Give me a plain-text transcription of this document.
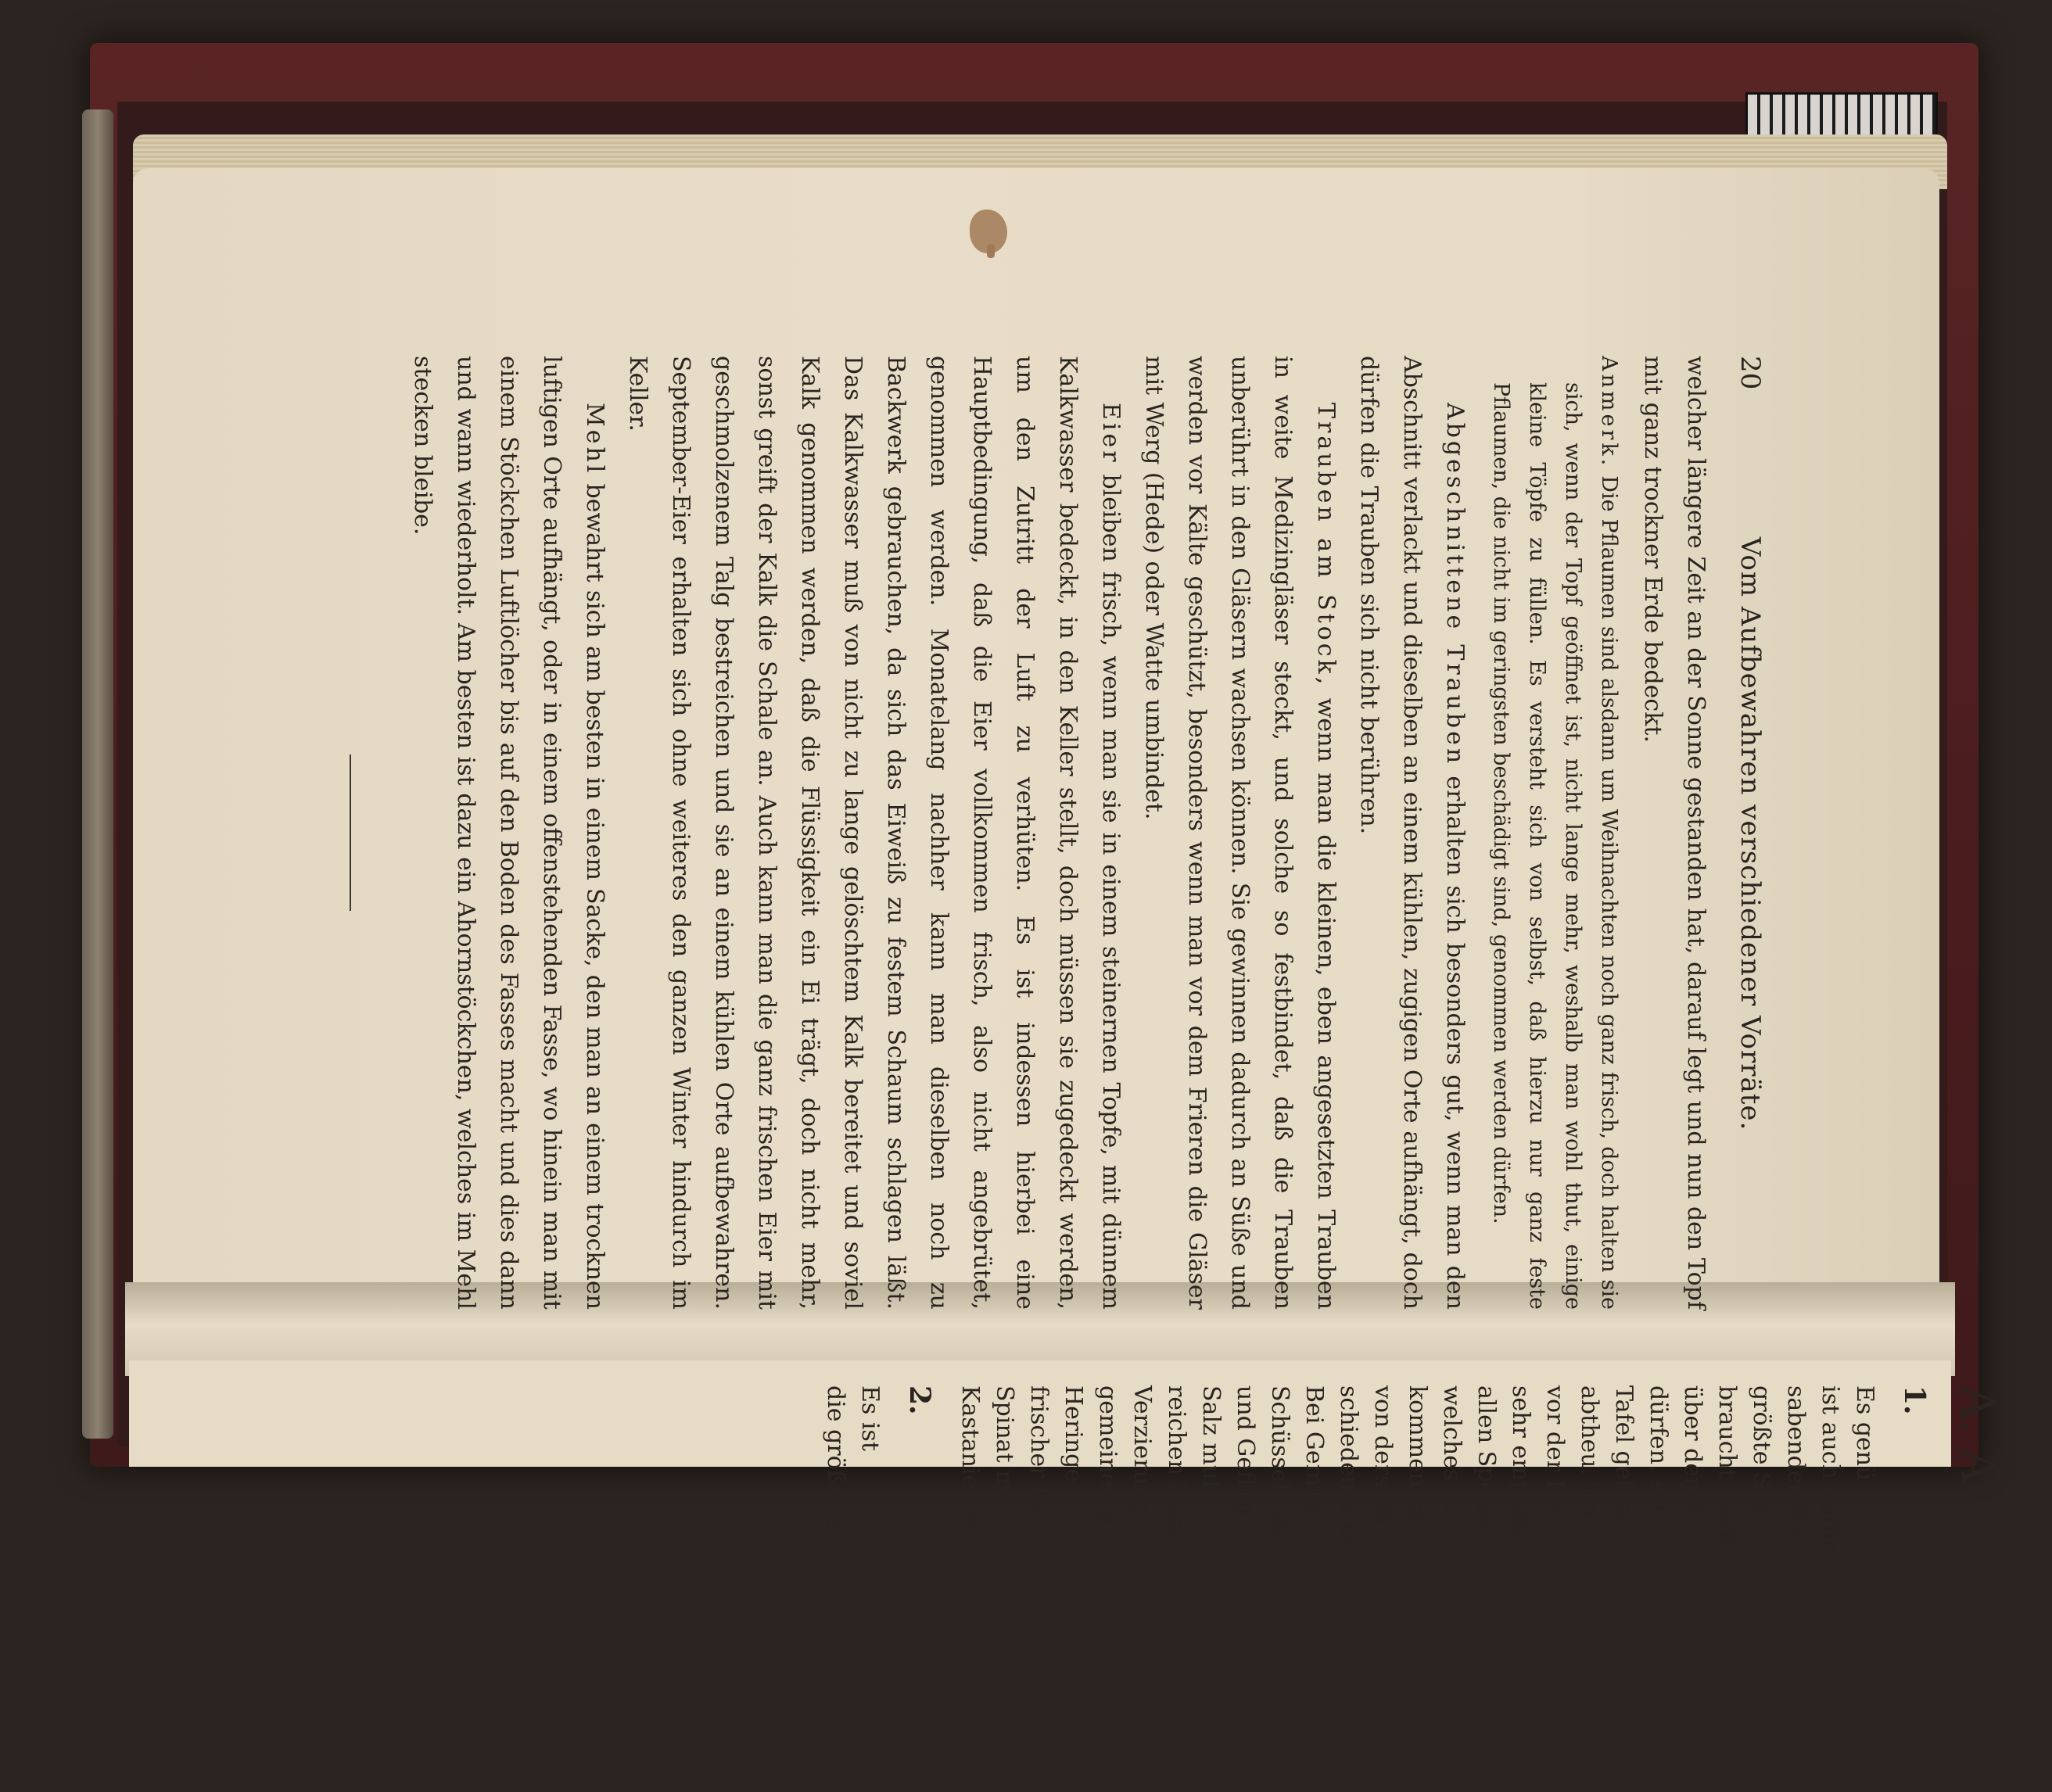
20
Vom Aufbewahren verschiedener Vorräte.

welcher längere Zeit an der Sonne gestanden hat, darauf legt und nun den Topf mit ganz trockner Erde bedeckt.

Anmerk. Die Pflaumen sind alsdann um Weihnachten noch ganz frisch, doch halten sie sich, wenn der Topf geöffnet ist, nicht lange mehr, weshalb man wohl thut, einige kleine Töpfe zu füllen. Es versteht sich von selbst, daß hierzu nur ganz feste Pflaumen, die nicht im geringsten beschädigt sind, genommen werden dürfen.

Abgeschnittene Trauben erhalten sich besonders gut, wenn man den Abschnitt verlackt und dieselben an einem kühlen, zugigen Orte aufhängt, doch dürfen die Trauben sich nicht berühren.

Trauben am Stock, wenn man die kleinen, eben angesetzten Trauben in weite Medizingläser steckt, und solche so festbindet, daß die Trauben unberührt in den Gläsern wachsen können. Sie gewinnen dadurch an Süße und werden vor Kälte geschützt, besonders wenn man vor dem Frieren die Gläser mit Werg (Hede) oder Watte umbindet.

Eier bleiben frisch, wenn man sie in einem steinernen Topfe, mit dünnem Kalkwasser bedeckt, in den Keller stellt, doch müssen sie zugedeckt werden, um den Zutritt der Luft zu verhüten. Es ist indessen hierbei eine Hauptbedingung, daß die Eier vollkommen frisch, also nicht angebrütet, genommen werden. Monatelang nachher kann man dieselben noch zu Backwerk gebrauchen, da sich das Eiweiß zu festem Schaum schlagen läßt. Das Kalkwasser muß von nicht zu lange gelöschtem Kalk bereitet und soviel Kalk genommen werden, daß die Flüssigkeit ein Ei trägt, doch nicht mehr, sonst greift der Kalk die Schale an. Auch kann man die ganz frischen Eier mit geschmolzenem Talg bestreichen und sie an einem kühlen Orte aufbewahren. September-Eier erhalten sich ohne weiteres den ganzen Winter hindurch im Keller.

Mehl bewahrt sich am besten in einem Sacke, den man an einem trocknen luftigen Orte aufhängt, oder in einem offenstehenden Fasse, wo hinein man mit einem Stöckchen Luftlöcher bis auf den Boden des Fasses macht und dies dann und wann wiederholt. Am besten ist dazu ein Ahornstöckchen, welches im Mehl stecken bleibe.

A. A
1.
Es genü
ist auch dafür
sabender Ws
größte Sau
braucht werd
über den K
dürfen. All
Tafel gebra
abtheu. Tri
vor der Be
sehr empfeh
allen Speise
welches so l
kommen, m
von derselb
schiedener G
Bei Gemüs
Schüsseln ge
und Geflüg
Salz muß
reichen kein
Verzierung
gemeinen g
Heringe u
frischer Pe
Spinat mit
Kastanien o
2.
Es ist
die größte S
